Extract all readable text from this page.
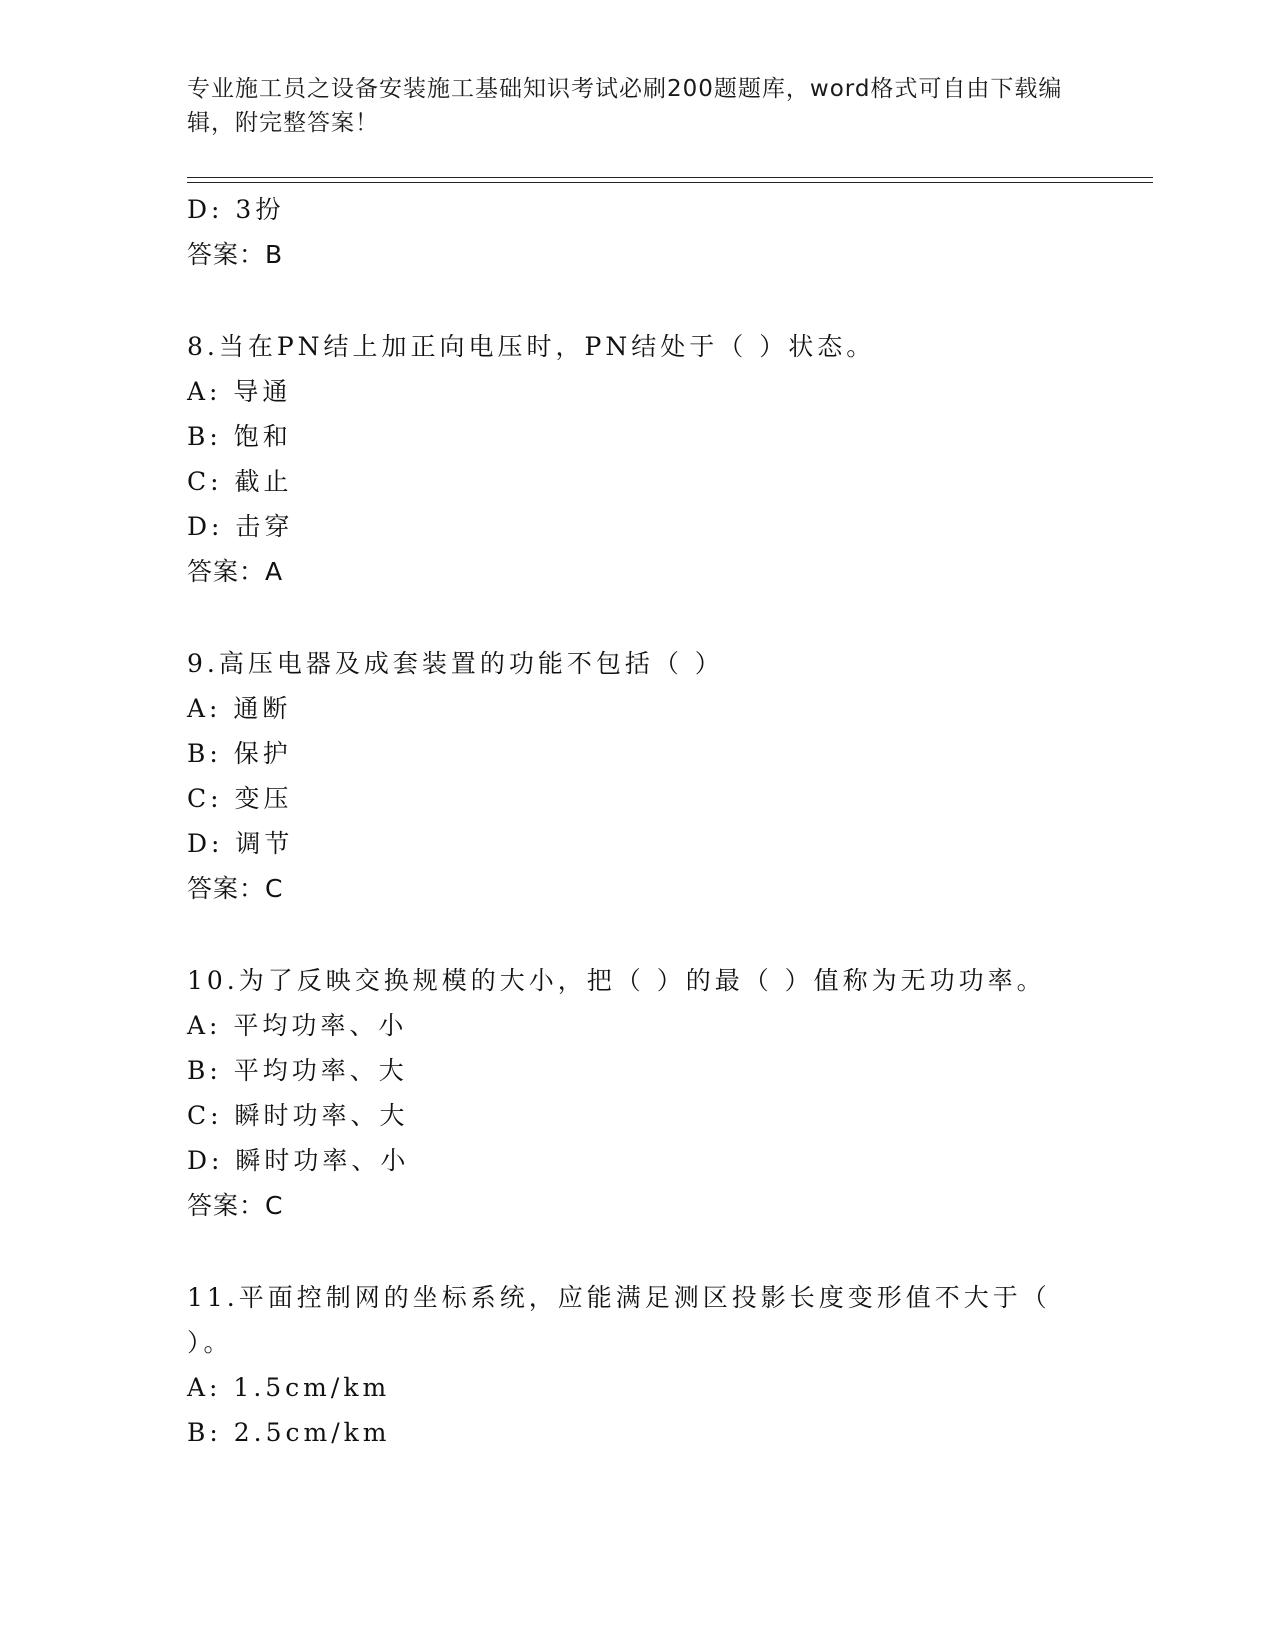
专业施工员之设备安装施工基础知识考试必刷200题题库，word格式可自由下载编辑，附完整答案！
D: 3扮
答案：B
8.当在PN结上加正向电压时，PN结处于（ ）状态。
A: 导通
B: 饱和
C: 截止
D: 击穿
答案：A
9.高压电器及成套装置的功能不包括（ ）
A: 通断
B: 保护
C: 变压
D: 调节
答案：C
10.为了反映交换规模的大小，把（ ）的最（ ）值称为无功功率。
A: 平均功率、小
B: 平均功率、大
C: 瞬时功率、大
D: 瞬时功率、小
答案：C
11.平面控制网的坐标系统，应能满足测区投影长度变形值不大于（ ）。
A: 1.5cm/km
B: 2.5cm/km
